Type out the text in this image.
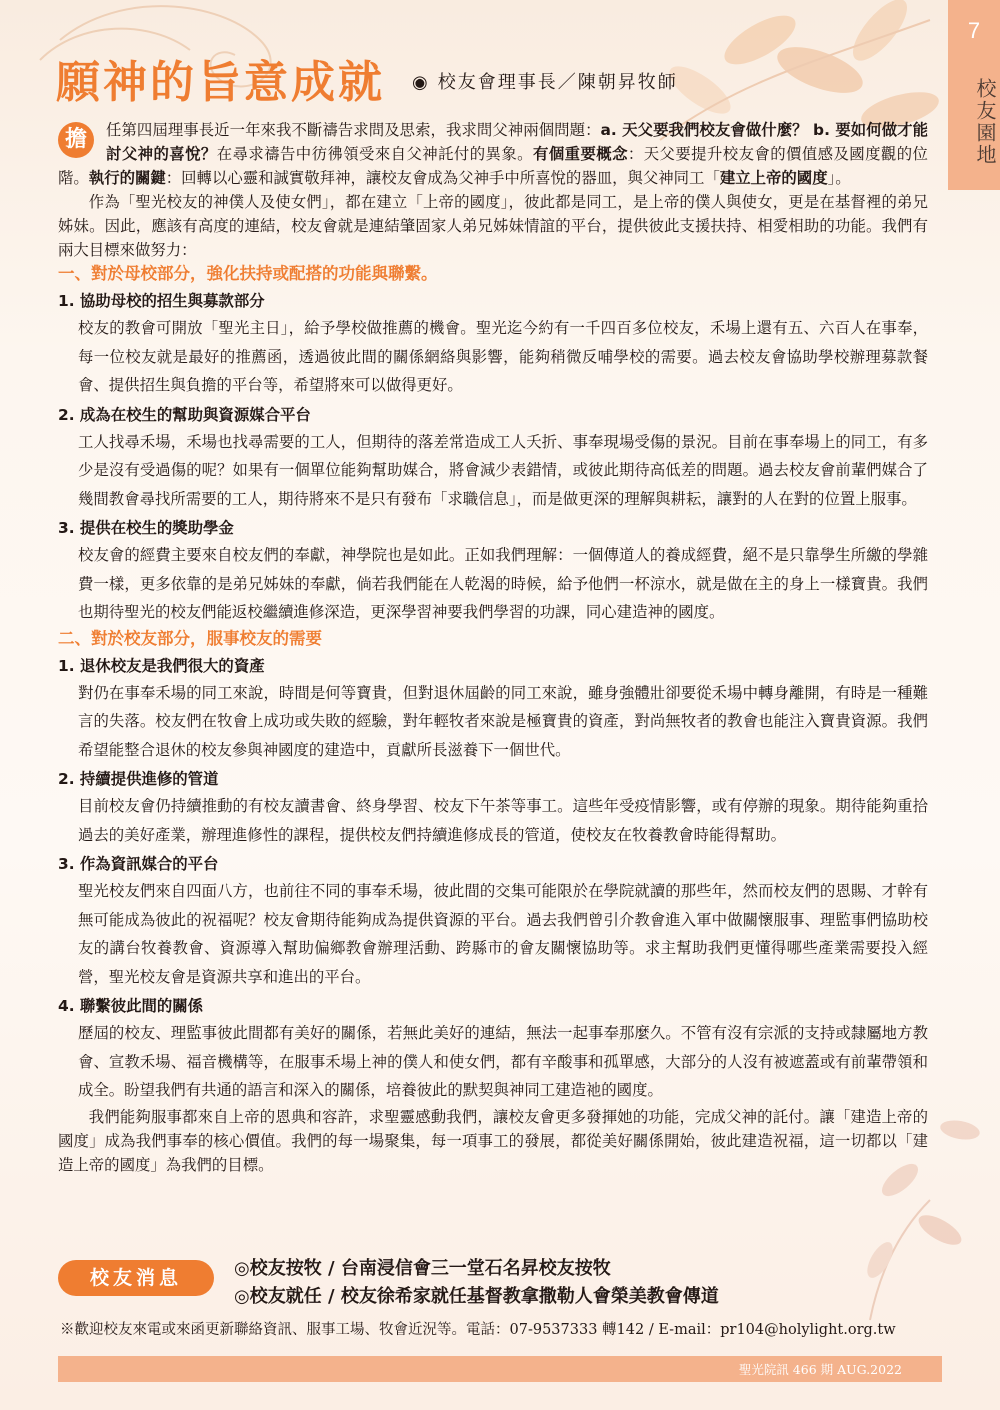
7
校友園地
願神的旨意成就 ◉ 校友會理事長／陳朝昇牧師

擔	任第四屆理事長近一年來我不斷禱告求問及思索，我求問父神兩個問題：a. 天父要我們校友會做什麼？ b. 要如何做才能討父神的喜悅？在尋求禱告中彷彿領受來自父神託付的異象。有個重要概念：天父要提升校友會的價值感及國度觀的位階。執行的關鍵：回轉以心靈和誠實敬拜神，讓校友會成為父神手中所喜悅的器皿，與父神同工「建立上帝的國度」。

作為「聖光校友的神僕人及使女們」，都在建立「上帝的國度」，彼此都是同工，是上帝的僕人與使女，更是在基督裡的弟兄姊妹。因此，應該有高度的連結，校友會就是連結肇固家人弟兄姊妹情誼的平台，提供彼此支援扶持、相愛相助的功能。我們有兩大目標來做努力：

一、對於母校部分，強化扶持或配搭的功能與聯繫。
1. 協助母校的招生與募款部分

校友的教會可開放「聖光主日」，給予學校做推薦的機會。聖光迄今約有一千四百多位校友，禾場上還有五、六百人在事奉，每一位校友就是最好的推薦函，透過彼此間的關係網絡與影響，能夠稍微反哺學校的需要。過去校友會協助學校辦理募款餐會、提供招生與負擔的平台等，希望將來可以做得更好。

2. 成為在校生的幫助與資源媒合平台

工人找尋禾場，禾場也找尋需要的工人，但期待的落差常造成工人夭折、事奉現場受傷的景況。目前在事奉場上的同工，有多少是沒有受過傷的呢？如果有一個單位能夠幫助媒合，將會減少表錯情，或彼此期待高低差的問題。過去校友會前輩們媒合了幾間教會尋找所需要的工人，期待將來不是只有發布「求職信息」，而是做更深的理解與耕耘，讓對的人在對的位置上服事。

3. 提供在校生的獎助學金

校友會的經費主要來自校友們的奉獻，神學院也是如此。正如我們理解：一個傳道人的養成經費，絕不是只靠學生所繳的學雜費一樣，更多依靠的是弟兄姊妹的奉獻，倘若我們能在人乾渴的時候，給予他們一杯涼水，就是做在主的身上一樣寶貴。我們也期待聖光的校友們能返校繼續進修深造，更深學習神要我們學習的功課，同心建造神的國度。

二、對於校友部分，服事校友的需要
1. 退休校友是我們很大的資產

對仍在事奉禾場的同工來說，時間是何等寶貴，但對退休屆齡的同工來說，雖身強體壯卻要從禾場中轉身離開，有時是一種難言的失落。校友們在牧會上成功或失敗的經驗，對年輕牧者來說是極寶貴的資產，對尚無牧者的教會也能注入寶貴資源。我們希望能整合退休的校友參與神國度的建造中，貢獻所長滋養下一個世代。

2. 持續提供進修的管道

目前校友會仍持續推動的有校友讀書會、終身學習、校友下午茶等事工。這些年受疫情影響，或有停辦的現象。期待能夠重拾過去的美好產業，辦理進修性的課程，提供校友們持續進修成長的管道，使校友在牧養教會時能得幫助。

3. 作為資訊媒合的平台

聖光校友們來自四面八方，也前往不同的事奉禾場，彼此間的交集可能限於在學院就讀的那些年，然而校友們的恩賜、才幹有無可能成為彼此的祝福呢？校友會期待能夠成為提供資源的平台。過去我們曾引介教會進入軍中做關懷服事、理監事們協助校友的講台牧養教會、資源導入幫助偏鄉教會辦理活動、跨縣市的會友關懷協助等。求主幫助我們更懂得哪些產業需要投入經營，聖光校友會是資源共享和進出的平台。

4. 聯繫彼此間的關係

歷屆的校友、理監事彼此間都有美好的關係，若無此美好的連結，無法一起事奉那麼久。不管有沒有宗派的支持或隸屬地方教會、宣教禾場、福音機構等，在服事禾場上神的僕人和使女們，都有辛酸事和孤單感，大部分的人沒有被遮蓋或有前輩帶領和成全。盼望我們有共通的語言和深入的關係，培養彼此的默契與神同工建造祂的國度。

我們能夠服事都來自上帝的恩典和容許，求聖靈感動我們，讓校友會更多發揮她的功能，完成父神的託付。讓「建造上帝的國度」成為我們事奉的核心價值。我們的每一場聚集，每一項事工的發展，都從美好關係開始，彼此建造祝福，這一切都以「建造上帝的國度」為我們的目標。

校友消息	◎校友按牧 / 台南浸信會三一堂石名昇校友按牧
◎校友就任 / 校友徐希家就任基督教拿撒勒人會榮美教會傳道
※歡迎校友來電或來函更新聯絡資訊、服事工場、牧會近況等。電話：07-9537333 轉142 / E-mail：pr104@holylight.org.tw
聖光院訊 466 期 AUG.2022
